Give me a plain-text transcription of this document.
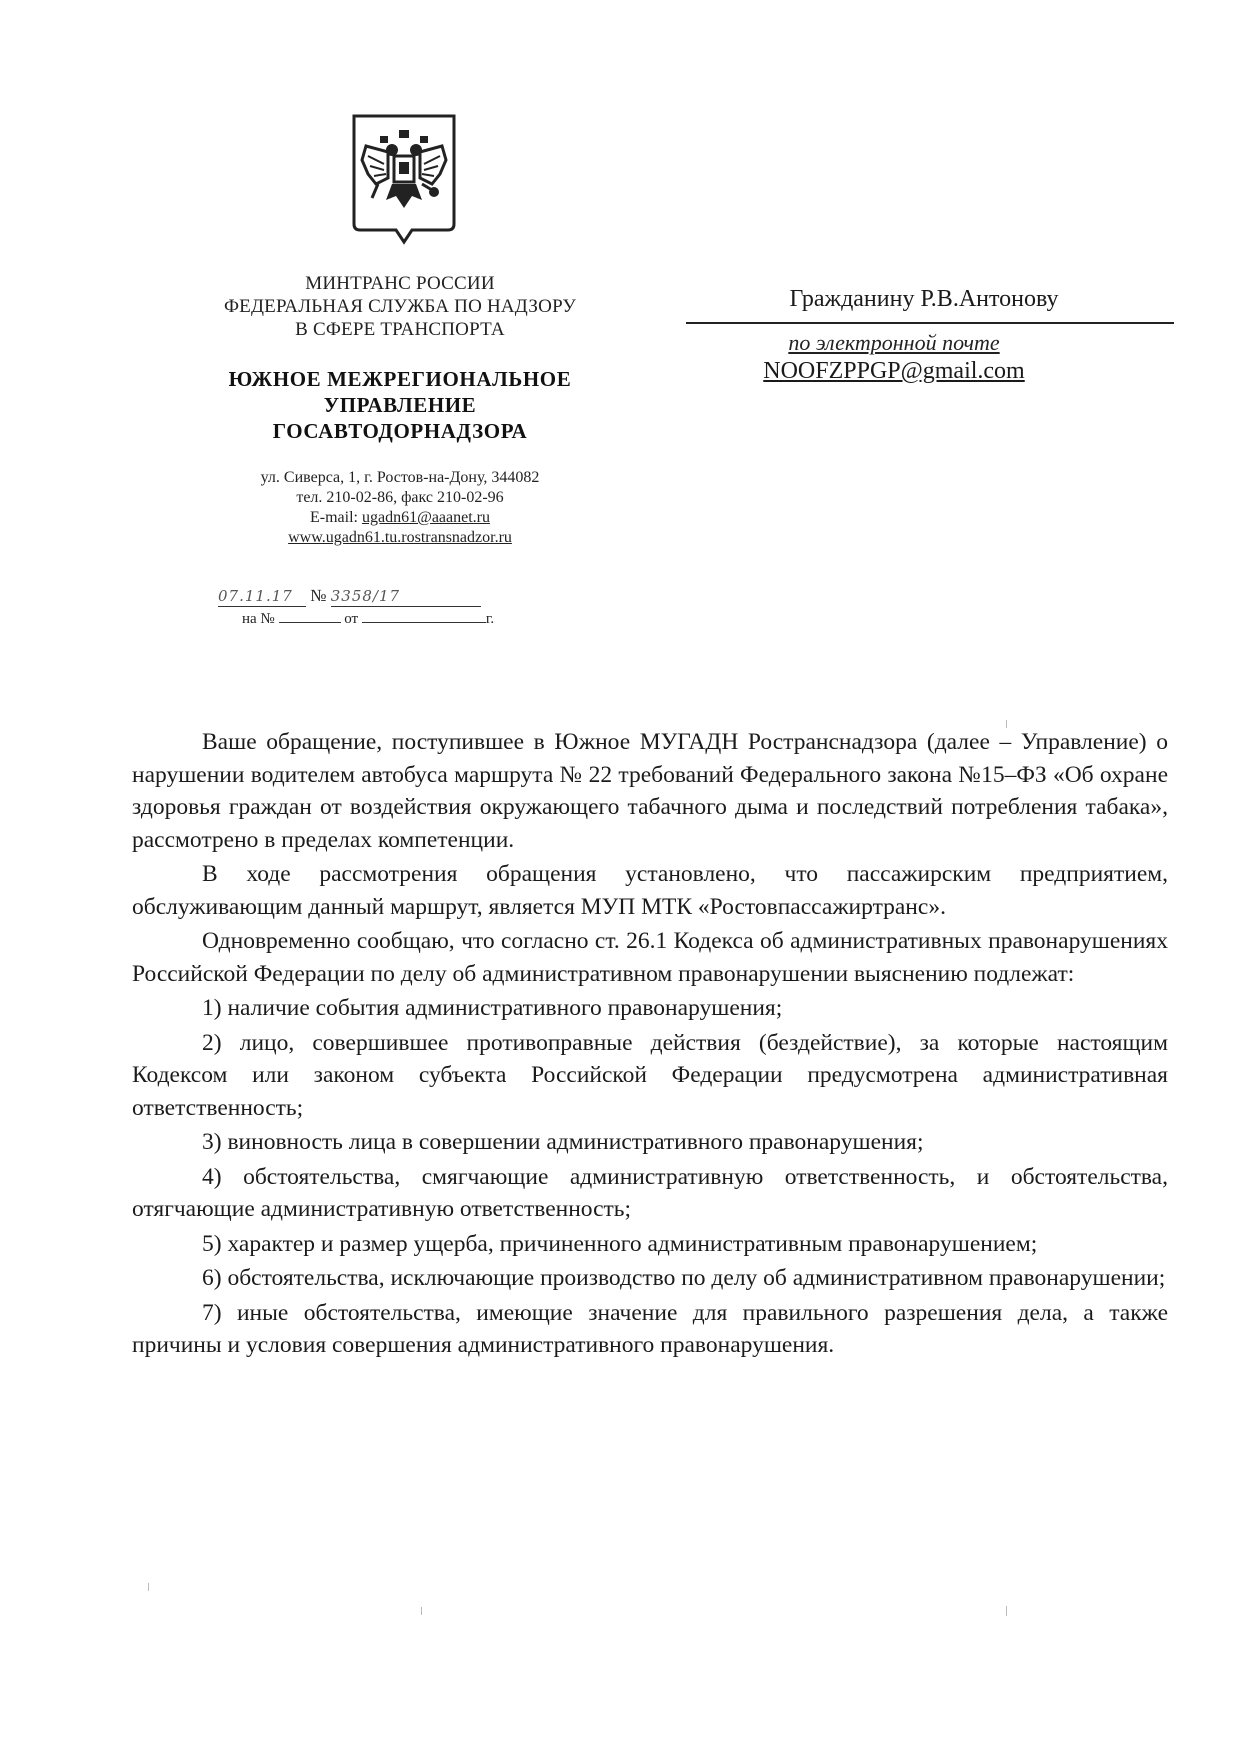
МИНТРАНС РОССИИ
ФЕДЕРАЛЬНАЯ СЛУЖБА ПО НАДЗОРУ
В СФЕРЕ ТРАНСПОРТА
ЮЖНОЕ МЕЖРЕГИОНАЛЬНОЕ
УПРАВЛЕНИЕ
ГОСАВТОДОРНАДЗОРА
ул. Сиверса, 1, г. Ростов-на-Дону, 344082
тел. 210-02-86, факс 210-02-96
E-mail: ugadn61@aaanet.ru
www.ugadn61.tu.rostransnadzor.ru
07.11.17 № 3358/17
на №	от	г.
Гражданину Р.В.Антонову
по электронной почте
NOOFZPPGP@gmail.com

Ваше обращение, поступившее в Южное МУГАДН Ространснадзора (далее – Управление) о нарушении водителем автобуса маршрута № 22 требований Федерального закона №15–ФЗ «Об охране здоровья граждан от воздействия окружающего табачного дыма и последствий потребления табака», рассмотрено в пределах компетенции.

В ходе рассмотрения обращения установлено, что пассажирским предприятием, обслуживающим данный маршрут, является МУП МТК «Ростовпассажиртранс».

Одновременно сообщаю, что согласно ст. 26.1 Кодекса об административных правонарушениях Российской Федерации по делу об административном правонарушении выяснению подлежат:

1) наличие события административного правонарушения;

2) лицо, совершившее противоправные действия (бездействие), за которые настоящим Кодексом или законом субъекта Российской Федерации предусмотрена административная ответственность;

3) виновность лица в совершении административного правонарушения;

4) обстоятельства, смягчающие административную ответственность, и обстоятельства, отягчающие административную ответственность;

5) характер и размер ущерба, причиненного административным правонарушением;

6) обстоятельства, исключающие производство по делу об административном правонарушении;

7) иные обстоятельства, имеющие значение для правильного разрешения дела, а также причины и условия совершения административного правонарушения.
